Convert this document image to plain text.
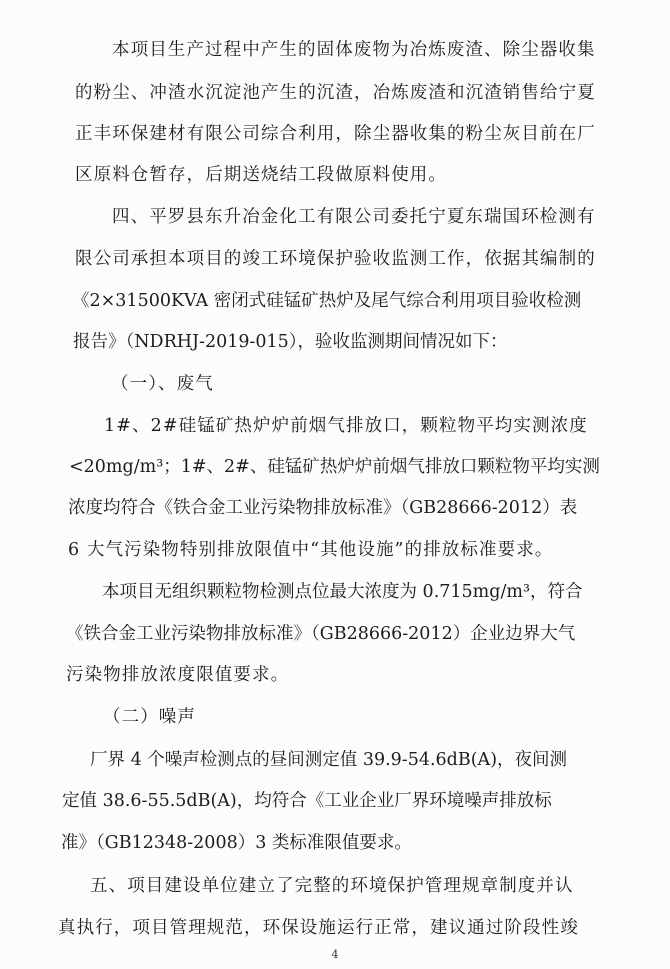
本项目生产过程中产生的固体废物为冶炼废渣、除尘器收集
的粉尘、冲渣水沉淀池产生的沉渣，冶炼废渣和沉渣销售给宁夏
正丰环保建材有限公司综合利用，除尘器收集的粉尘灰目前在厂
区原料仓暂存，后期送烧结工段做原料使用。
四、平罗县东升冶金化工有限公司委托宁夏东瑞国环检测有
限公司承担本项目的竣工环境保护验收监测工作，依据其编制的
《2×31500KVA 密闭式硅锰矿热炉及尾气综合利用项目验收检测
报告》（NDRHJ-2019-015），验收监测期间情况如下：
（一）、废气
1#、2#硅锰矿热炉炉前烟气排放口，颗粒物平均实测浓度
<20mg/m³；1#、2#、硅锰矿热炉炉前烟气排放口颗粒物平均实测
浓度均符合《铁合金工业污染物排放标准》（GB28666-2012）表
6 大气污染物特别排放限值中“其他设施”的排放标准要求。
本项目无组织颗粒物检测点位最大浓度为 0.715mg/m³，符合
《铁合金工业污染物排放标准》（GB28666-2012）企业边界大气
污染物排放浓度限值要求。
（二）噪声
厂界 4 个噪声检测点的昼间测定值 39.9-54.6dB(A)，夜间测
定值 38.6-55.5dB(A)，均符合《工业企业厂界环境噪声排放标
准》（GB12348-2008）3 类标准限值要求。
五、项目建设单位建立了完整的环境保护管理规章制度并认
真执行，项目管理规范，环保设施运行正常，建议通过阶段性竣
4
